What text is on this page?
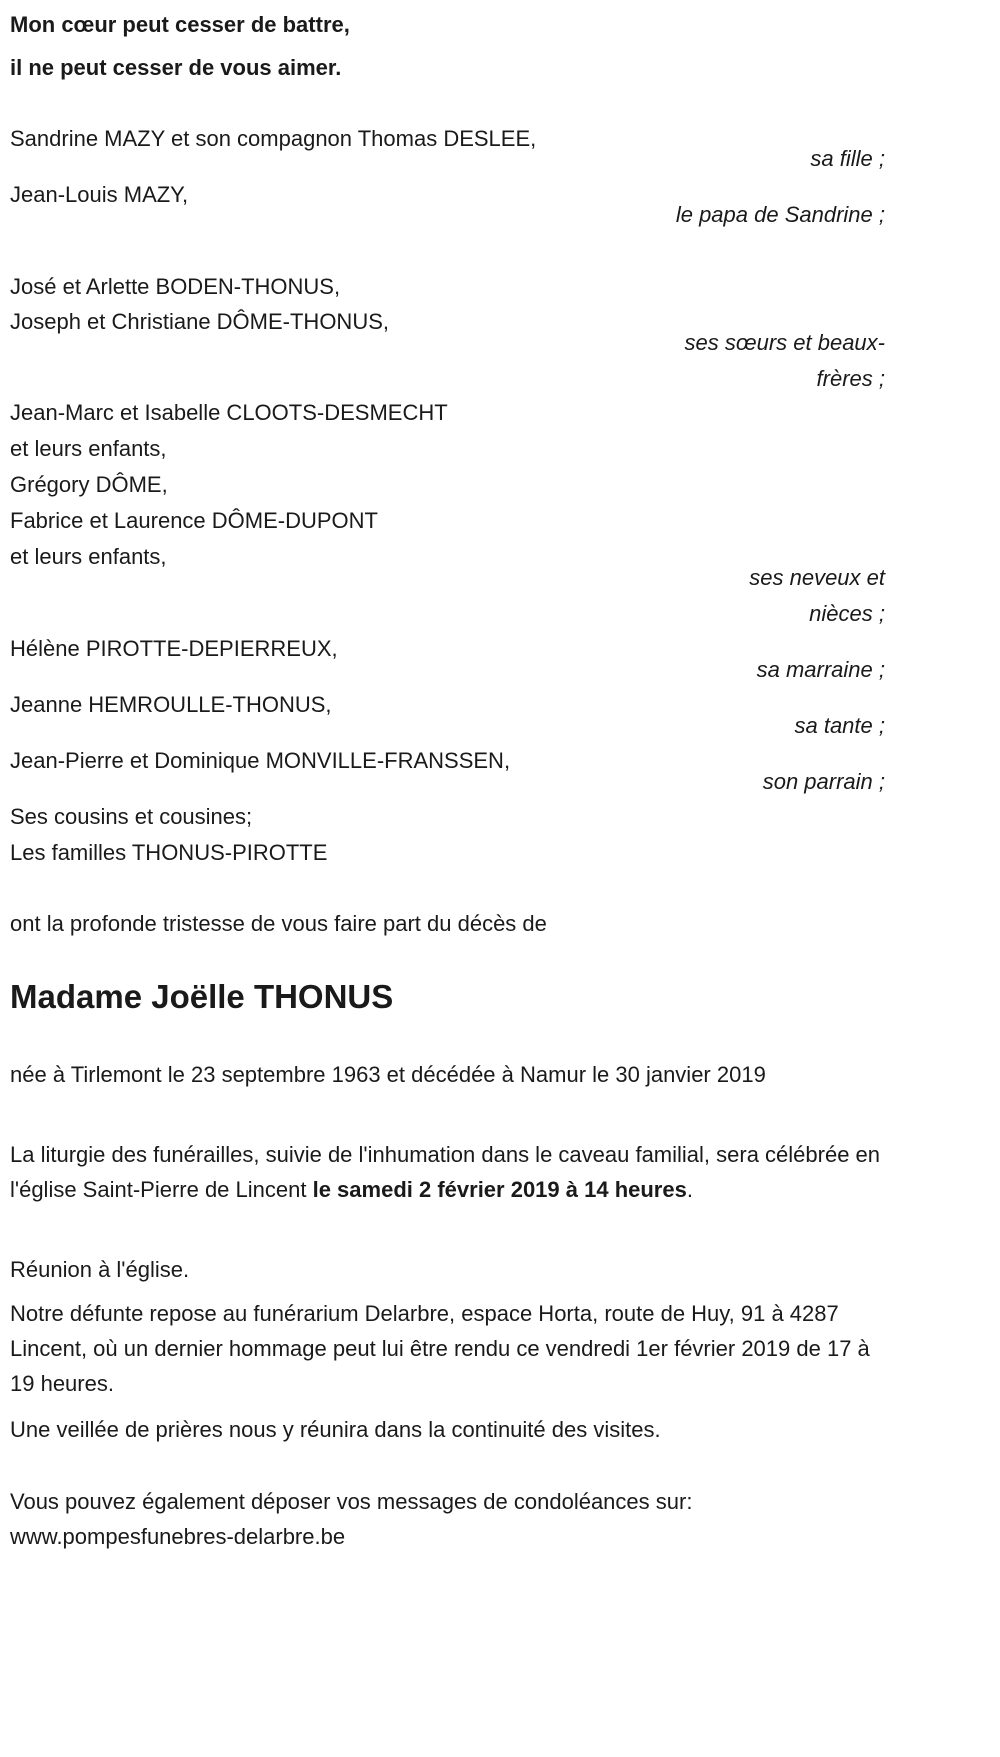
Mon cœur peut cesser de battre,
il ne peut cesser de vous aimer.
Sandrine MAZY et son compagnon Thomas DESLEE,
sa fille ;
Jean-Louis MAZY,
le papa de Sandrine ;
José et Arlette BODEN-THONUS,
Joseph et Christiane DÔME-THONUS,
ses sœurs et beaux-frères ;
Jean-Marc et Isabelle CLOOTS-DESMECHT
et leurs enfants,
Grégory DÔME,
Fabrice et Laurence DÔME-DUPONT
et leurs enfants,
ses neveux et nièces ;
Hélène PIROTTE-DEPIERREUX,
sa marraine ;
Jeanne HEMROULLE-THONUS,
sa tante ;
Jean-Pierre et Dominique MONVILLE-FRANSSEN,
son parrain ;
Ses cousins et cousines;
Les familles THONUS-PIROTTE
ont la profonde tristesse de vous faire part du décès de
Madame Joëlle THONUS
née à Tirlemont le 23 septembre 1963 et décédée à Namur le 30 janvier 2019
La liturgie des funérailles, suivie de l'inhumation dans le caveau familial, sera célébrée en l'église Saint-Pierre de Lincent le samedi 2 février 2019 à 14 heures.
Réunion à l'église.
Notre défunte repose au funérarium Delarbre, espace Horta, route de Huy, 91 à 4287 Lincent, où un dernier hommage peut lui être rendu ce vendredi 1er février 2019 de 17 à 19 heures.
Une veillée de prières nous y réunira dans la continuité des visites.
Vous pouvez également déposer vos messages de condoléances sur:
www.pompesfunebres-delarbre.be
